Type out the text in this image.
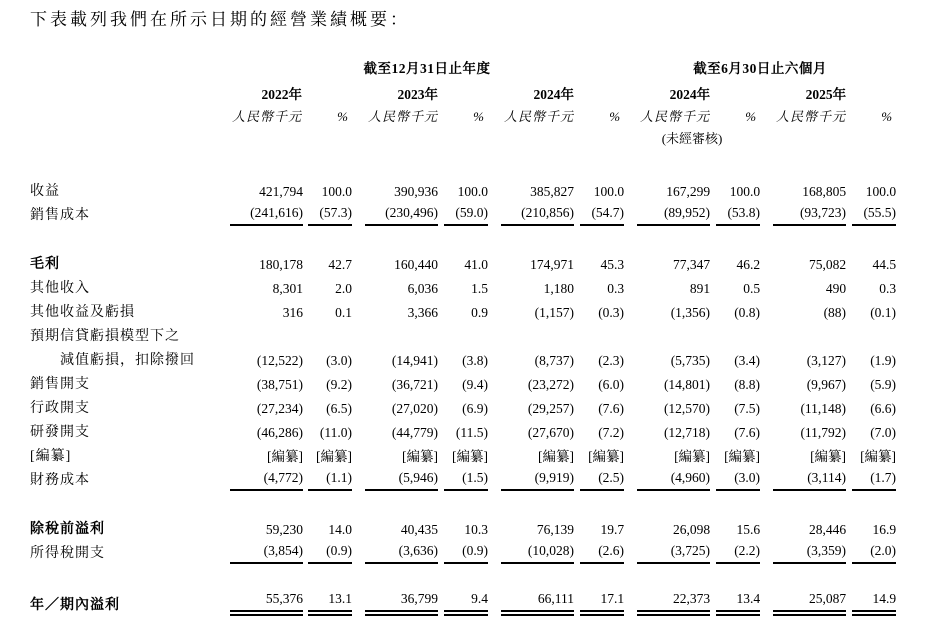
下表載列我們在所示日期的經營業績概要：
	截至12月31日止年度						截至6月30日止六個月			
	2022年		2023年		2024年		2024年		2025年	
	人民幣千元	%	人民幣千元	%	人民幣千元	%	人民幣千元	%	人民幣千元	%
							(未經審核)			

收益	421,794	100.0	390,936	100.0	385,827	100.0	167,299	100.0	168,805	100.0
銷售成本	(241,616)	(57.3)	(230,496)	(59.0)	(210,856)	(54.7)	(89,952)	(53.8)	(93,723)	(55.5)

毛利	180,178	42.7	160,440	41.0	174,971	45.3	77,347	46.2	75,082	44.5
其他收入	8,301	2.0	6,036	1.5	1,180	0.3	891	0.5	490	0.3
其他收益及虧損	316	0.1	3,366	0.9	(1,157)	(0.3)	(1,356)	(0.8)	(88)	(0.1)
預期信貸虧損模型下之										
減值虧損，扣除撥回	(12,522)	(3.0)	(14,941)	(3.8)	(8,737)	(2.3)	(5,735)	(3.4)	(3,127)	(1.9)
銷售開支	(38,751)	(9.2)	(36,721)	(9.4)	(23,272)	(6.0)	(14,801)	(8.8)	(9,967)	(5.9)
行政開支	(27,234)	(6.5)	(27,020)	(6.9)	(29,257)	(7.6)	(12,570)	(7.5)	(11,148)	(6.6)
研發開支	(46,286)	(11.0)	(44,779)	(11.5)	(27,670)	(7.2)	(12,718)	(7.6)	(11,792)	(7.0)
[編纂]	[編纂]	[編纂]	[編纂]	[編纂]	[編纂]	[編纂]	[編纂]	[編纂]	[編纂]	[編纂]
財務成本	(4,772)	(1.1)	(5,946)	(1.5)	(9,919)	(2.5)	(4,960)	(3.0)	(3,114)	(1.7)

除稅前溢利	59,230	14.0	40,435	10.3	76,139	19.7	26,098	15.6	28,446	16.9
所得稅開支	(3,854)	(0.9)	(3,636)	(0.9)	(10,028)	(2.6)	(3,725)	(2.2)	(3,359)	(2.0)

年／期內溢利	55,376	13.1	36,799	9.4	66,111	17.1	22,373	13.4	25,087	14.9
